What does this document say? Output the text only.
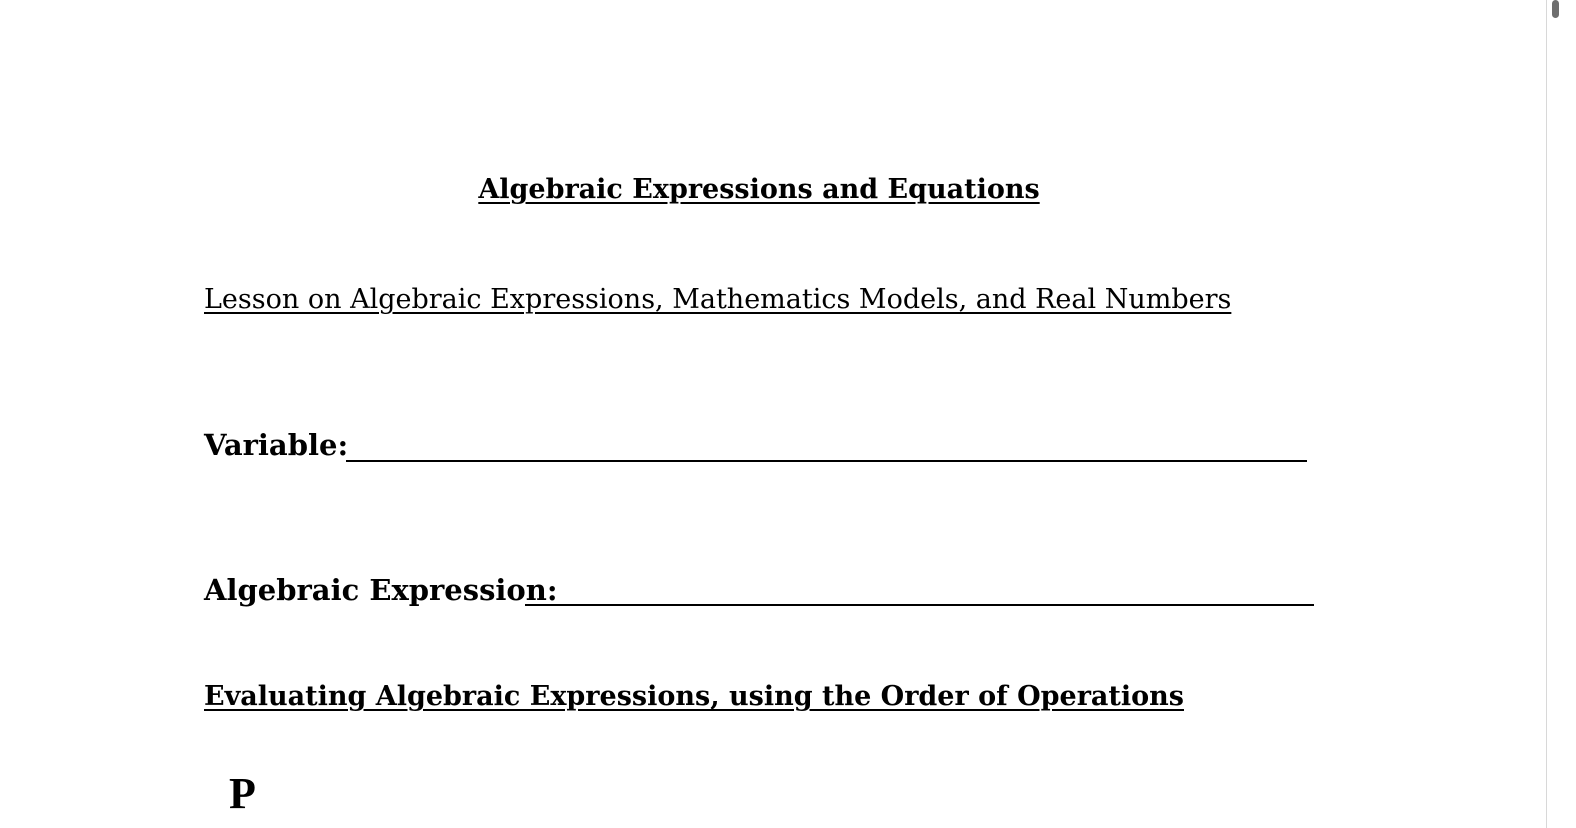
Algebraic Expressions and Equations
Lesson on Algebraic Expressions, Mathematics Models, and Real Numbers
Variable:
Algebraic Expression:
Evaluating Algebraic Expressions, using the Order of Operations
P
